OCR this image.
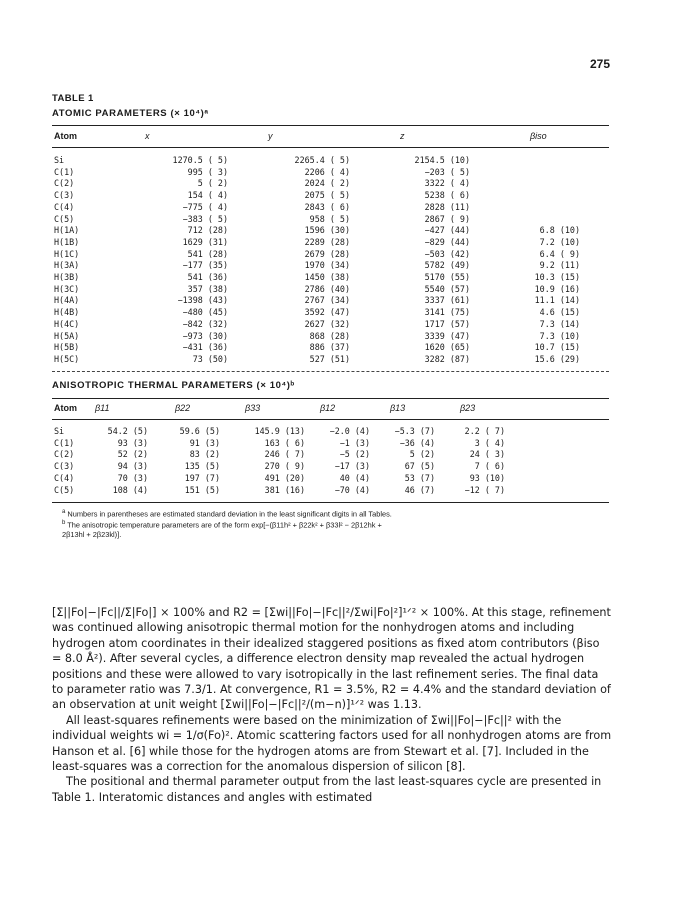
275
TABLE 1
ATOMIC PARAMETERS (× 10⁴)ᵃ
Atom	x	y	z	βiso
Si	1270.5 ( 5)	2265.4 ( 5)	2154.5 (10)
C(1)	995 ( 3)	2206 ( 4)	−203 ( 5)
C(2)	5 ( 2)	2024 ( 2)	3322 ( 4)
C(3)	154 ( 4)	2075 ( 5)	5238 ( 6)
C(4)	−775 ( 4)	2843 ( 6)	2828 (11)
C(5)	−383 ( 5)	958 ( 5)	2867 ( 9)
H(1A)	712 (28)	1596 (30)	−427 (44)	6.8 (10)
H(1B)	1629 (31)	2289 (28)	−829 (44)	7.2 (10)
H(1C)	541 (28)	2679 (28)	−503 (42)	6.4 ( 9)
H(3A)	−177 (35)	1970 (34)	5782 (49)	9.2 (11)
H(3B)	541 (36)	1450 (38)	5170 (55)	10.3 (15)
H(3C)	357 (38)	2786 (40)	5540 (57)	10.9 (16)
H(4A)	−1398 (43)	2767 (34)	3337 (61)	11.1 (14)
H(4B)	−480 (45)	3592 (47)	3141 (75)	4.6 (15)
H(4C)	−842 (32)	2627 (32)	1717 (57)	7.3 (14)
H(5A)	−973 (30)	868 (28)	3339 (47)	7.3 (10)
H(5B)	−431 (36)	886 (37)	1620 (65)	10.7 (15)
H(5C)	73 (50)	527 (51)	3282 (87)	15.6 (29)
ANISOTROPIC THERMAL PARAMETERS (× 10⁴)ᵇ
Atom β11	β22	β33	β12	β13	β23
Si	54.2 (5)	59.6 (5)	145.9 (13)	−2.0 (4)	−5.3 (7)	2.2 ( 7)
C(1)	93 (3)	91 (3)	163 ( 6)	−1 (3)	−36 (4)	3 ( 4)
C(2)	52 (2)	83 (2)	246 ( 7)	−5 (2)	5 (2)	24 ( 3)
C(3)	94 (3)	135 (5)	270 ( 9)	−17 (3)	67 (5)	7 ( 6)
C(4)	70 (3)	197 (7)	491 (20)	40 (4)	53 (7)	93 (10)
C(5)	108 (4)	151 (5)	381 (16)	−70 (4)	46 (7)	−12 ( 7)
$^a$ Numbers in parentheses are estimated standard deviation in the least significant digits in all Tables.
$^b$ The anisotropic temperature parameters are of the form exp[−(β11h² + β22k² + β33l² − 2β12hk +
2β13hl + 2β23kl)].

[Σ||Fo|−|Fc||/Σ|Fo|] × 100% and R2 = [Σwi||Fo|−|Fc||²/Σwi|Fo|²]¹ᐟ² × 100%. At this stage, refinement was continued allowing anisotropic thermal motion for the nonhydrogen atoms and including hydrogen atom coordinates in their idealized staggered positions as fixed atom contributors (βiso = 8.0 Å²). After several cycles, a difference electron density map revealed the actual hydrogen positions and these were allowed to vary isotropically in the last refinement series. The final data to parameter ratio was 7.3/1. At convergence, R1 = 3.5%, R2 = 4.4% and the standard deviation of an observation at unit weight [Σwi||Fo|−|Fc||²/(m−n)]¹ᐟ² was 1.13.

All least-squares refinements were based on the minimization of Σwi||Fo|−|Fc||² with the individual weights wi = 1/σ(Fo)². Atomic scattering factors used for all nonhydrogen atoms are from Hanson et al. [6] while those for the hydrogen atoms are from Stewart et al. [7]. Included in the least-squares was a correction for the anomalous dispersion of silicon [8].

The positional and thermal parameter output from the last least-squares cycle are presented in Table 1. Interatomic distances and angles with estimated
